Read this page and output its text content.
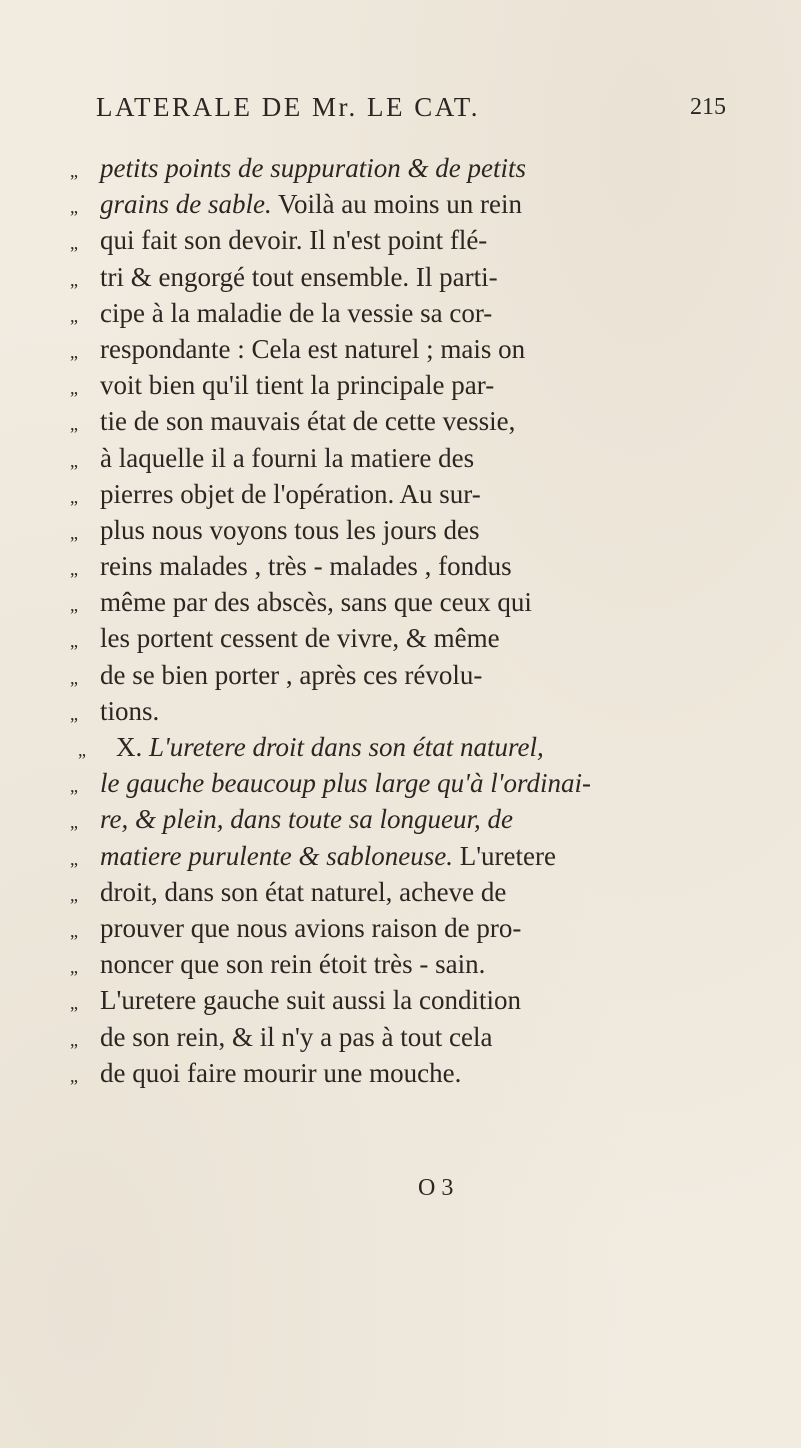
LATERALE DE Mr. LE CAT.	215
„ petits points de suppuration & de petits
„ grains de sable. Voilà au moins un rein
„ qui fait son devoir. Il n'est point flé-
„ tri & engorgé tout ensemble. Il parti-
„ cipe à la maladie de la vessie sa cor-
„ respondante : Cela est naturel ; mais on
„ voit bien qu'il tient la principale par-
„ tie de son mauvais état de cette vessie,
„ à laquelle il a fourni la matiere des
„ pierres objet de l'opération. Au sur-
„ plus nous voyons tous les jours des
„ reins malades , très - malades , fondus
„ même par des abscès, sans que ceux qui
„ les portent cessent de vivre, & même
„ de se bien porter , après ces révolu-
„ tions.
„	X. L'uretere droit dans son état naturel,
„ le gauche beaucoup plus large qu'à l'ordinai-
„ re, & plein, dans toute sa longueur, de
„ matiere purulente & sabloneuse. L'uretere
„ droit, dans son état naturel, acheve de
„ prouver que nous avions raison de pro-
„ noncer que son rein étoit très - sain.
„ L'uretere gauche suit aussi la condition
„ de son rein, & il n'y a pas à tout cela
„ de quoi faire mourir une mouche.
O 3
